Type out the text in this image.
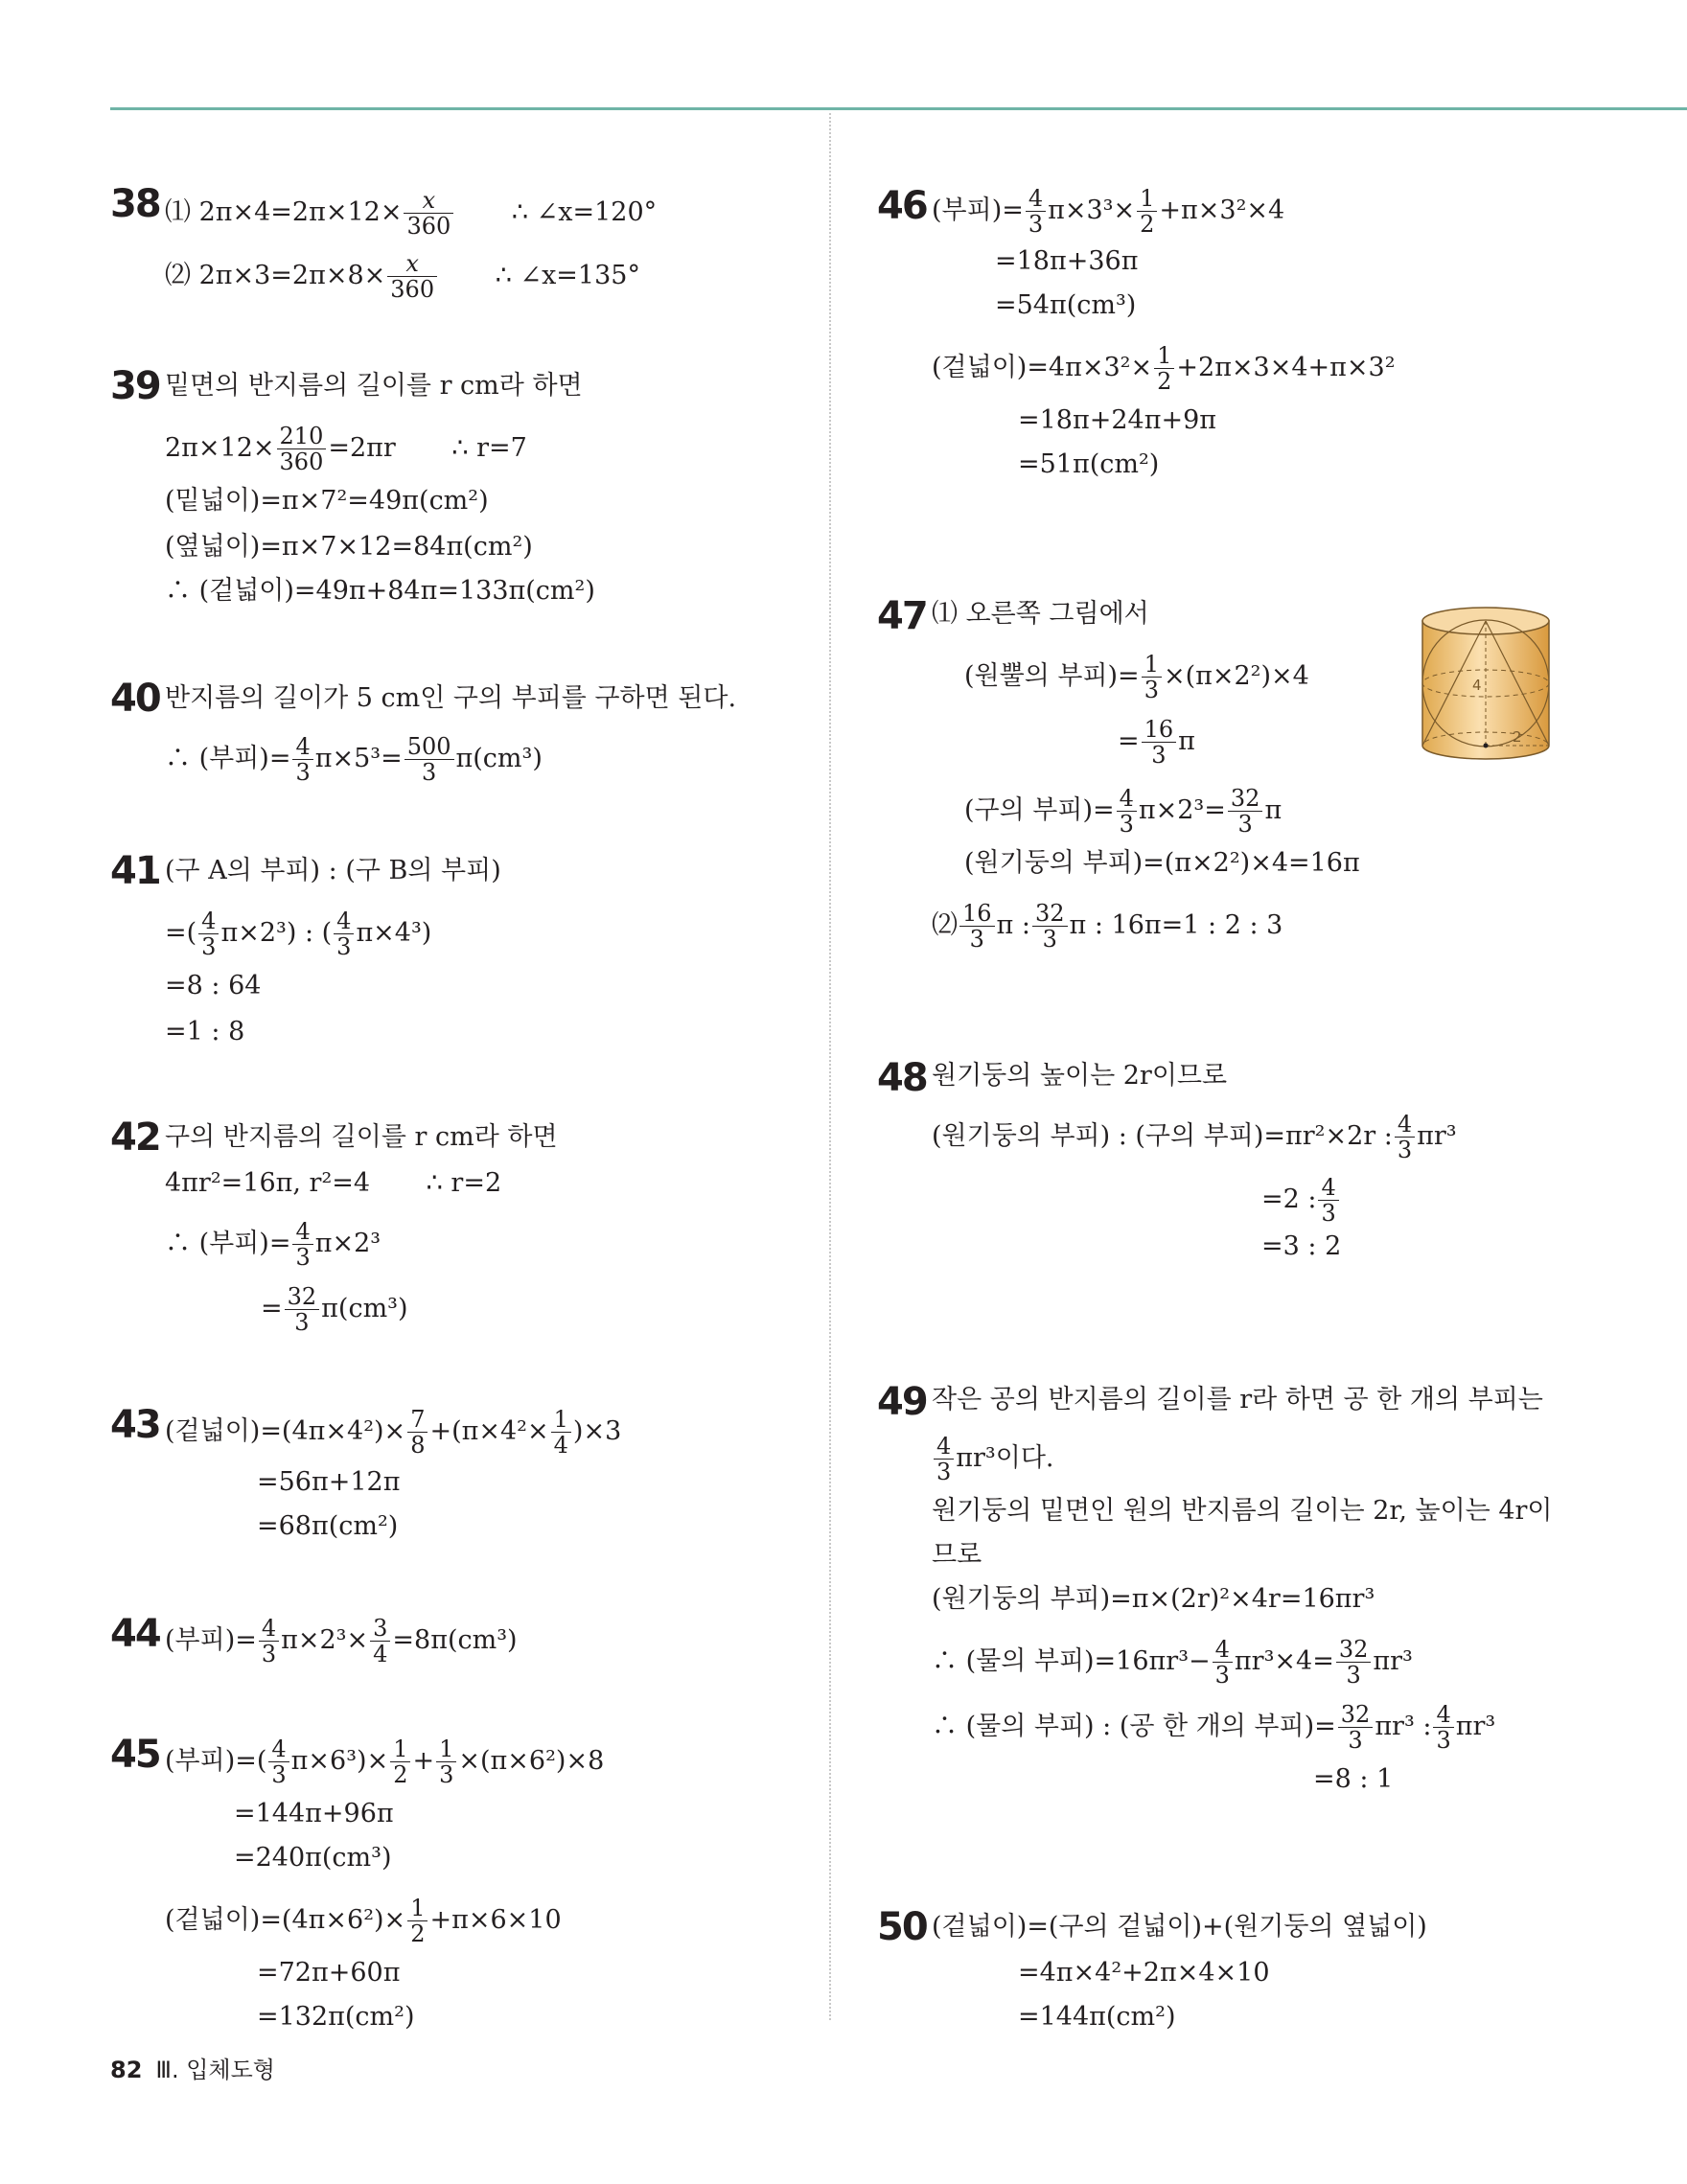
38 ⑴ $2\pi\times 4=2\pi\times 12\times \frac{x}{360}$ ∴ ∠x=120°
⑵ $2\pi\times 3=2\pi\times 8\times \frac{x}{360}$ ∴ ∠x=135°
39 밑면의 반지름의 길이를 r cm라 하면
$2\pi\times 12\times \frac{210}{360} =2\pi r$ ∴ r=7
(밑넓이)=π×7²=49π(cm²)
(옆넓이)=π×7×12=84π(cm²)
∴ (겉넓이)=49π+84π=133π(cm²)
40 반지름의 길이가 5 cm인 구의 부피를 구하면 된다.
∴ (부피)= $\frac{4}{3} \pi\times 5^3= \frac{500}{3} \pi(cm^3)$
41 (구 A의 부피) : (구 B의 부피)
=( $\frac{4}{3} \pi\times 2^3$) : ( $\frac{4}{3} \pi\times 4^3$)
=8 : 64
=1 : 8
42 구의 반지름의 길이를 r cm라 하면
4πr²=16π, r²=4 ∴ r=2
∴ (부피)= $\frac{4}{3} \pi\times 2^3$
= $\frac{32}{3} \pi(cm^3)$
43 (겉넓이)$=(4\pi\times 4^2)\times \frac{7}{8} +(\pi\times 4^2\times \frac{1}{4} )\times 3$
=56π+12π
=68π(cm²)
44 (부피)= $\frac{4}{3} \pi\times 2^3\times \frac{3}{4} =8\pi(cm^3)$
45 (부피)=( $\frac{4}{3} \pi\times 6^3)\times \frac{1}{2} + \frac{1}{3} \times(\pi\times 6^2)\times 8$
=144π+96π
=240π(cm³)
(겉넓이)$=(4\pi\times 6^2)\times \frac{1}{2} +\pi\times 6\times 10$
=72π+60π
=132π(cm²)
46 (부피)= $\frac{4}{3} \pi\times 3^3\times \frac{1}{2} +\pi\times 3^2\times 4$
=18π+36π
=54π(cm³)
(겉넓이)$=4\pi\times 3^2\times \frac{1}{2} +2\pi\times 3\times 4+\pi\times 3^2$
=18π+24π+9π
=51π(cm²)
47 ⑴ 오른쪽 그림에서
(원뿔의 부피)= $\frac{1}{3} \times(\pi\times 2^2)\times 4$
= $\frac{16}{3}$ π
(구의 부피)= $\frac{4}{3} \pi\times 2^3= \frac{32}{3}$ π
(원기둥의 부피)=(π×2²)×4=16π
⑵ $\frac{16}{3}$ π : $\frac{32}{3}$ π : 16π=1 : 2 : 3
4
2
48 원기둥의 높이는 2r이므로
(원기둥의 부피) : (구의 부피)=πr²×2r : $\frac{4}{3} \pi r^3$
=2 : $\frac{4}{3}$
=3 : 2
49 작은 공의 반지름의 길이를 r라 하면 공 한 개의 부피는
$\frac{4}{3} \pi r^3$이다.
원기둥의 밑면인 원의 반지름의 길이는 2r, 높이는 4r이
므로
(원기둥의 부피)=π×(2r)²×4r=16πr³
∴ (물의 부피)$=16\pi r^3- \frac{4}{3} \pi r^3\times 4= \frac{32}{3} \pi r^3$
∴ (물의 부피) : (공 한 개의 부피)= $\frac{32}{3} \pi r^3$ : $\frac{4}{3} \pi r^3$
=8 : 1
50 (겉넓이)=(구의 겉넓이)+(원기둥의 옆넓이)
=4π×4²+2π×4×10
=144π(cm²)
82 Ⅲ. 입체도형
